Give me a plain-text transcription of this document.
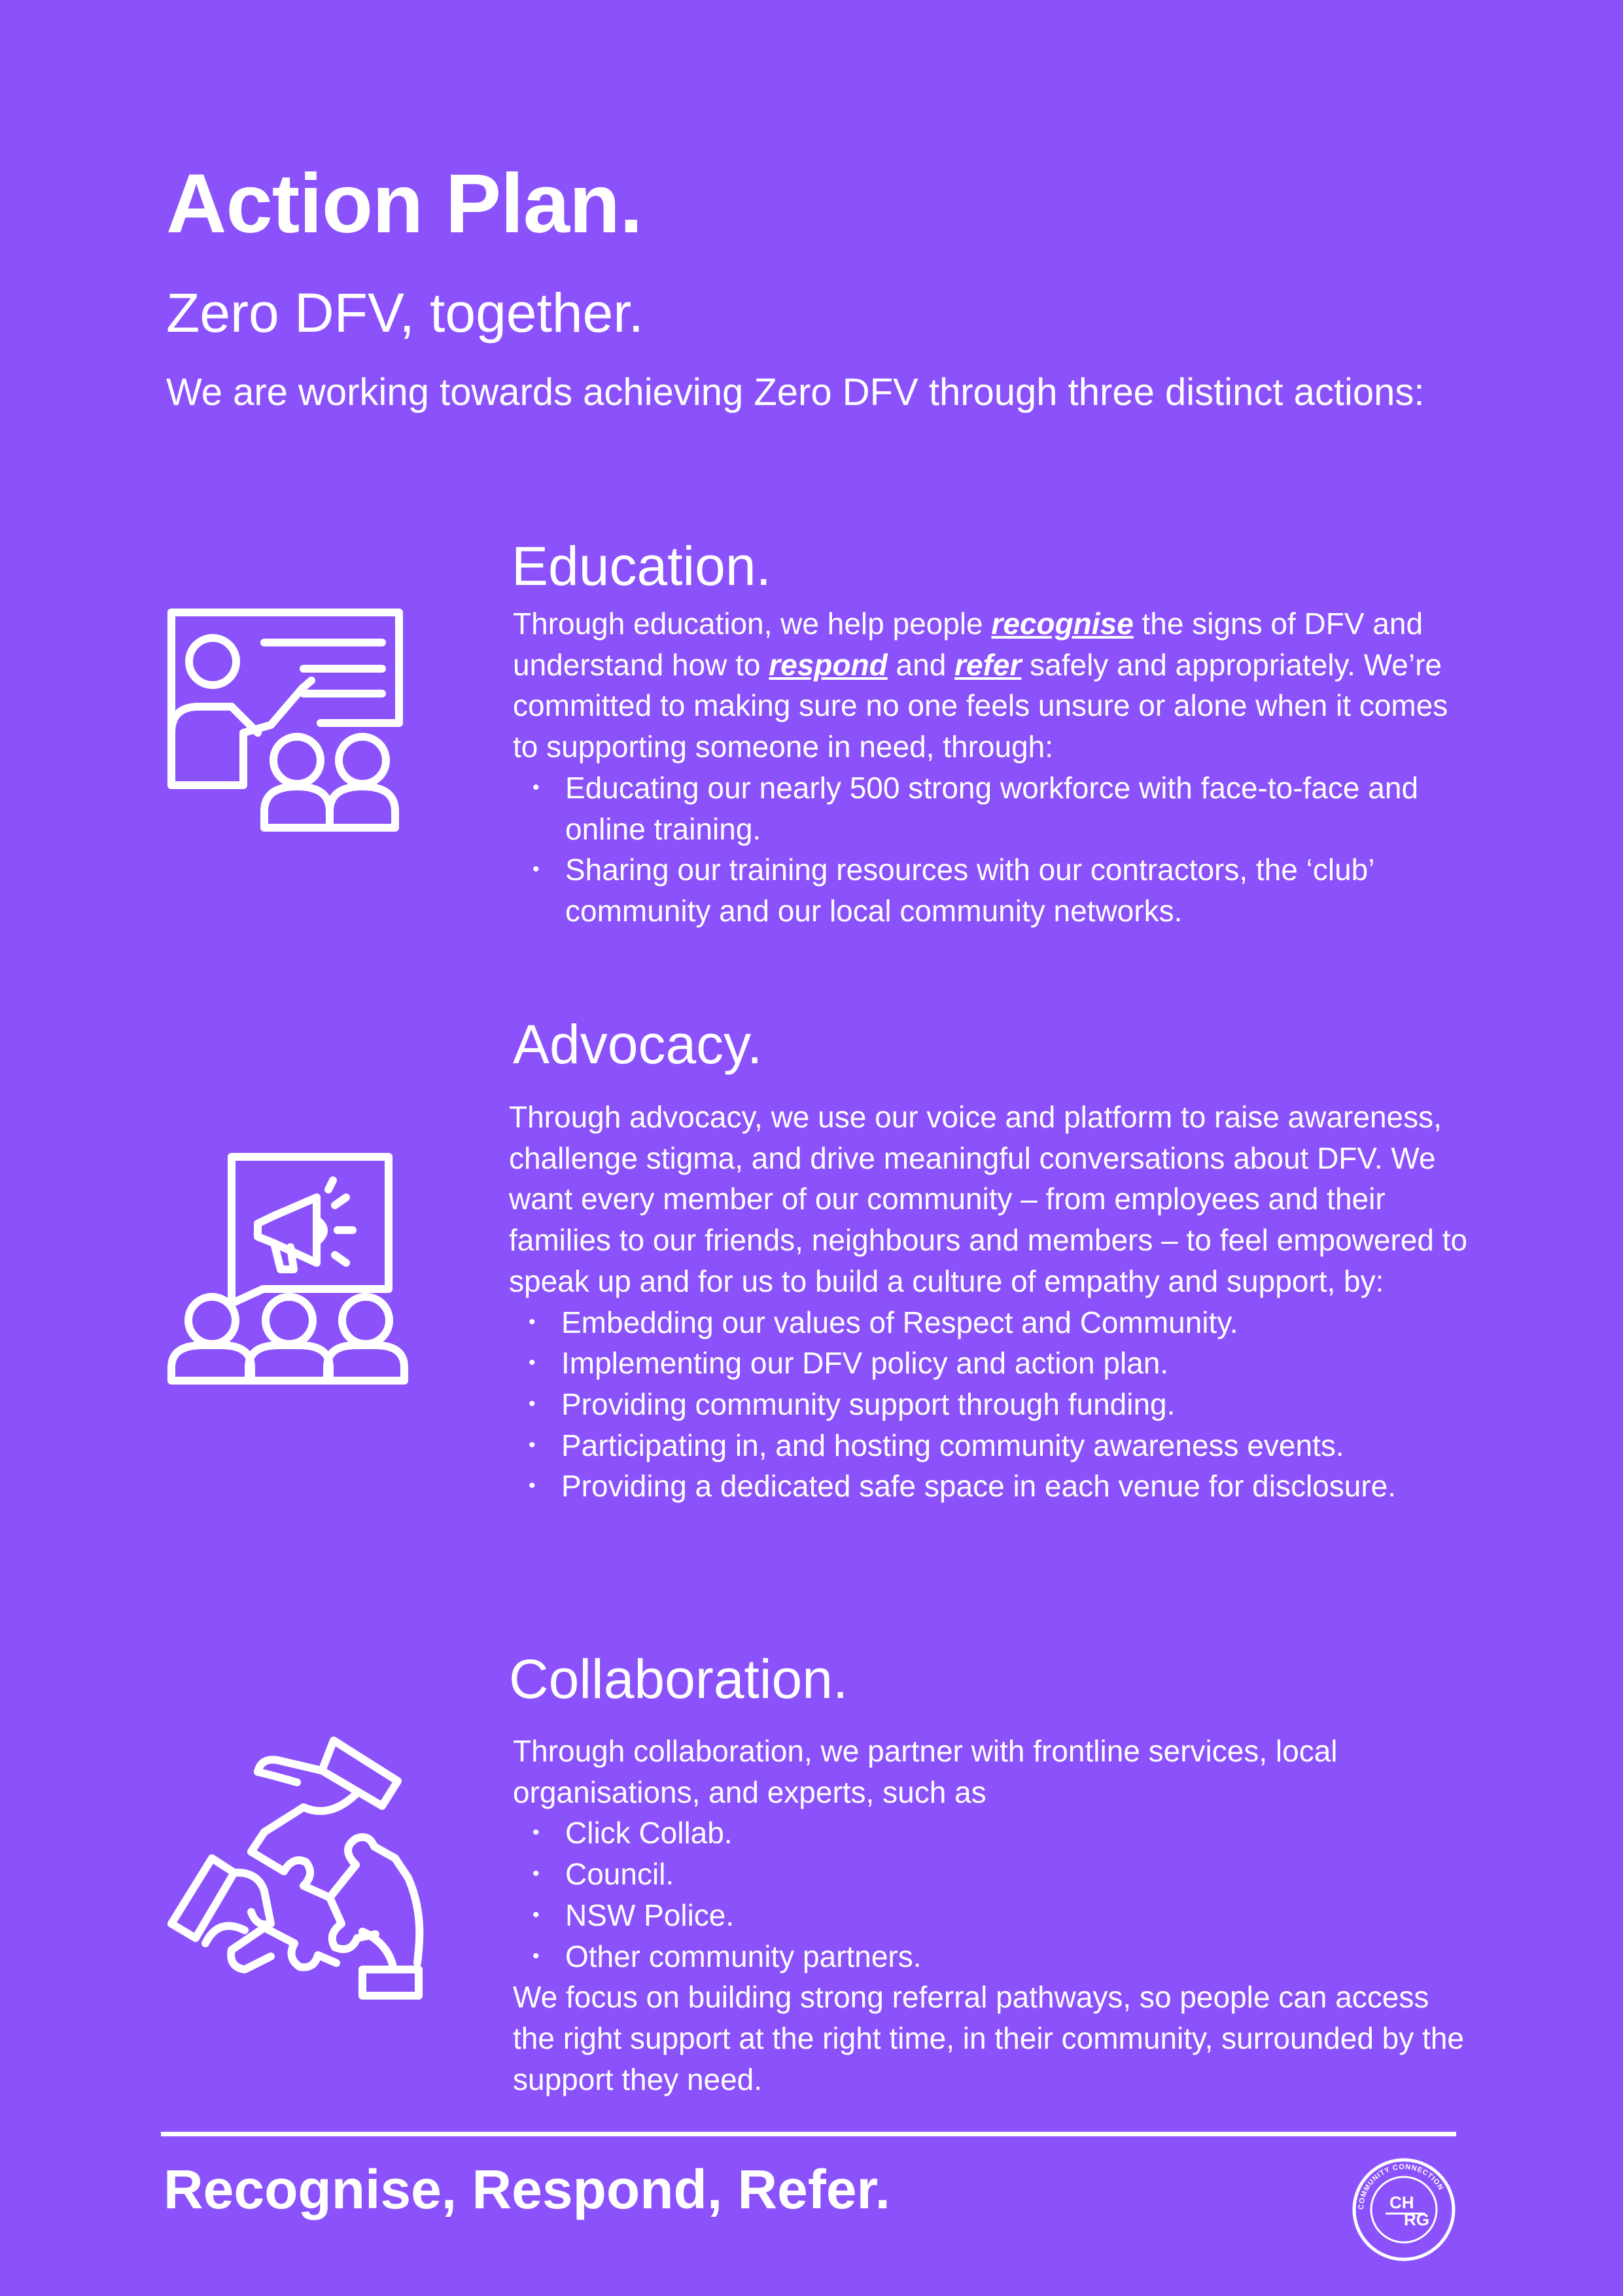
Action Plan.
Zero DFV, together.

We are working towards achieving Zero DFV through three distinct actions:

Education.

Through education, we help people recognise the signs of DFV and understand how to respond and refer safely and appropriately. We’re committed to making sure no one feels unsure or alone when it comes to supporting someone in need, through:

• Educating our nearly 500 strong workforce with face-to-face and online training.
• Sharing our training resources with our contractors, the ‘club’ community and our local community networks.
Advocacy.

Through advocacy, we use our voice and platform to raise awareness, challenge stigma, and drive meaningful conversations about DFV. We want every member of our community – from employees and their families to our friends, neighbours and members – to feel empowered to speak up and for us to build a culture of empathy and support, by:

• Embedding our values of Respect and Community.
• Implementing our DFV policy and action plan.
• Providing community support through funding.
• Participating in, and hosting community awareness events.
• Providing a dedicated safe space in each venue for disclosure.
Collaboration.

Through collaboration, we partner with frontline services, local organisations, and experts, such as

• Click Collab.
• Council.
• NSW Police.
• Other community partners.

We focus on building strong referral pathways, so people can access the right support at the right time, in their community, surrounded by the support they need.

Recognise, Respond, Refer.	COMMUNITY CONNECTION
CH
RG
